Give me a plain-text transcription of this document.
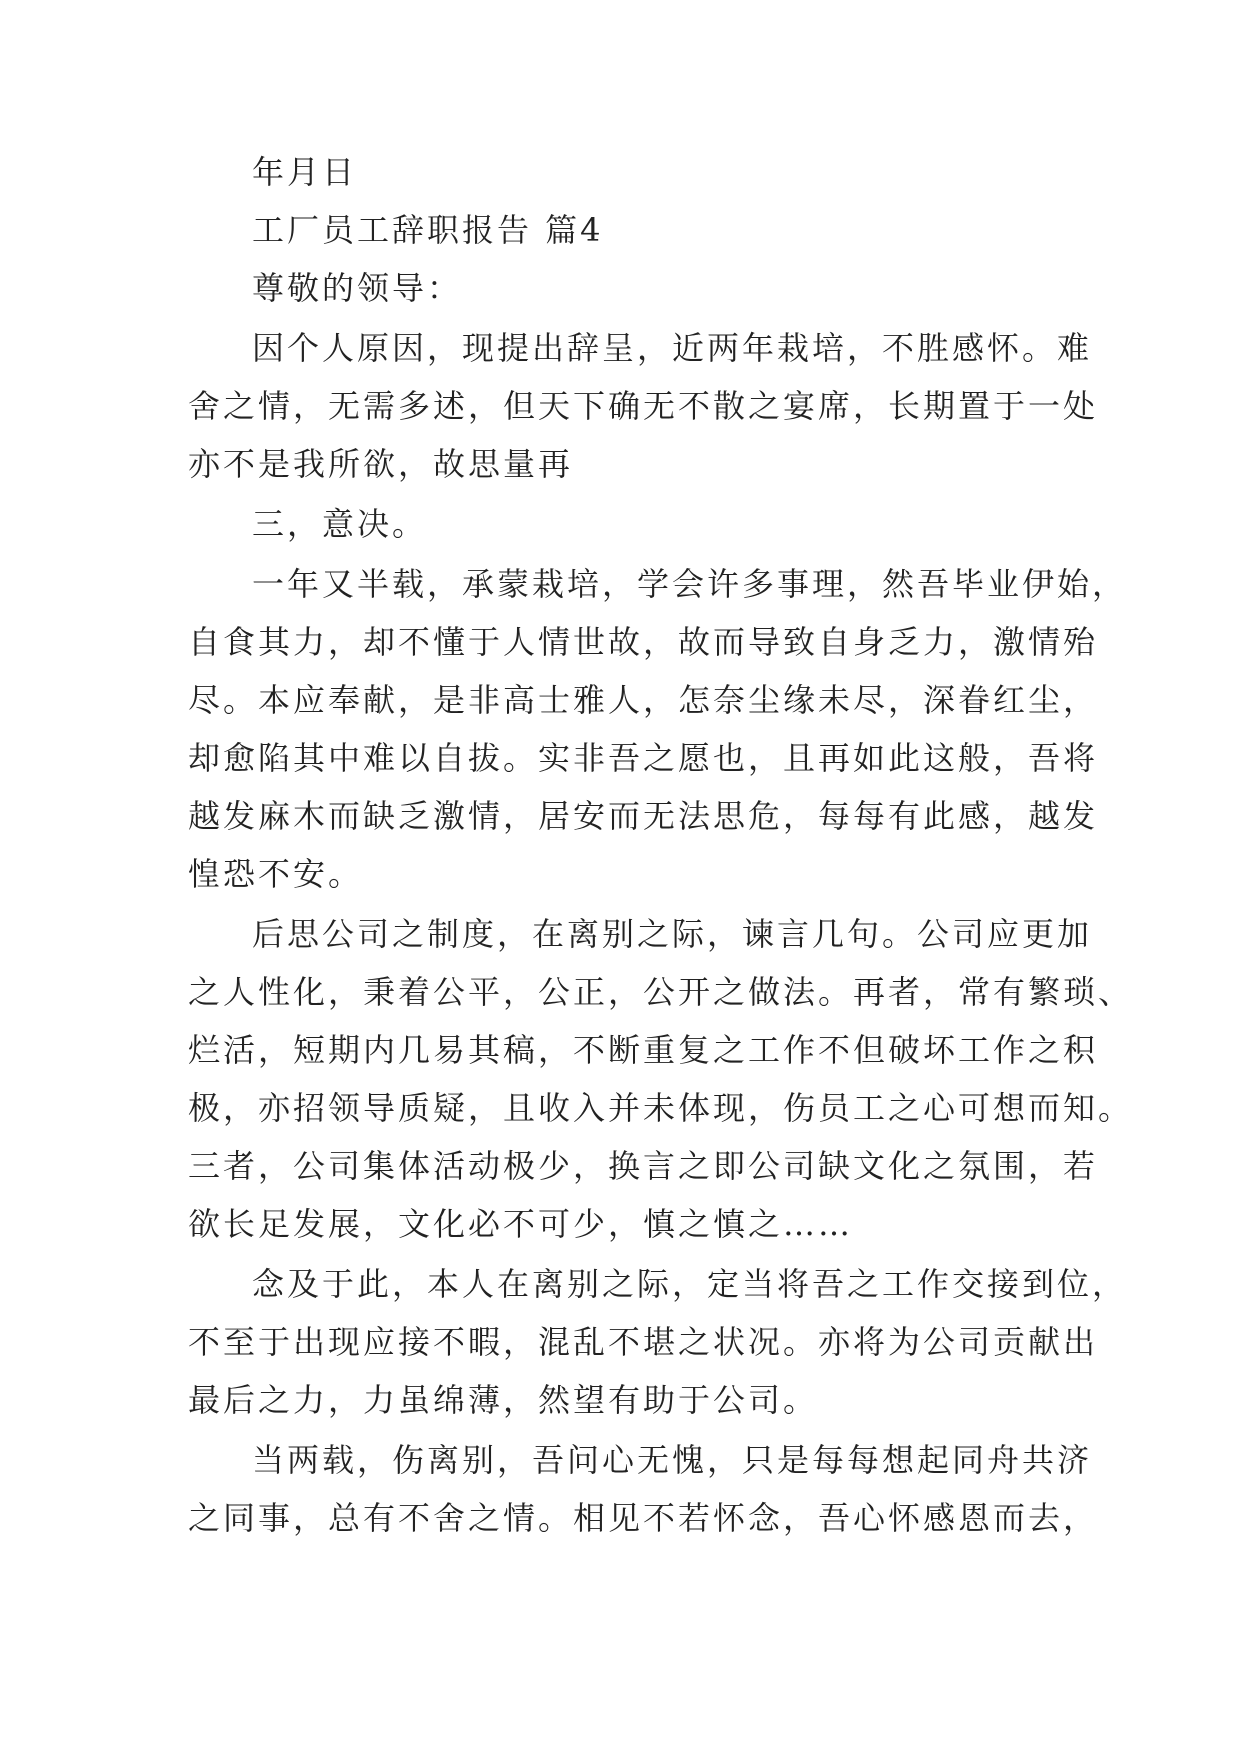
年月日
工厂员工辞职报告 篇4
尊敬的领导：
因个人原因，现提出辞呈，近两年栽培，不胜感怀。难
舍之情，无需多述，但天下确无不散之宴席，长期置于一处
亦不是我所欲，故思量再
三，意决。
一年又半载，承蒙栽培，学会许多事理，然吾毕业伊始，
自食其力，却不懂于人情世故，故而导致自身乏力，激情殆
尽。本应奉献，是非高士雅人，怎奈尘缘未尽，深眷红尘，
却愈陷其中难以自拔。实非吾之愿也，且再如此这般，吾将
越发麻木而缺乏激情，居安而无法思危，每每有此感，越发
惶恐不安。
后思公司之制度，在离别之际，谏言几句。公司应更加
之人性化，秉着公平，公正，公开之做法。再者，常有繁琐、
烂活，短期内几易其稿，不断重复之工作不但破坏工作之积
极，亦招领导质疑，且收入并未体现，伤员工之心可想而知。
三者，公司集体活动极少，换言之即公司缺文化之氛围，若
欲长足发展，文化必不可少，慎之慎之……
念及于此，本人在离别之际，定当将吾之工作交接到位，
不至于出现应接不暇，混乱不堪之状况。亦将为公司贡献出
最后之力，力虽绵薄，然望有助于公司。
当两载，伤离别，吾问心无愧，只是每每想起同舟共济
之同事，总有不舍之情。相见不若怀念，吾心怀感恩而去，
